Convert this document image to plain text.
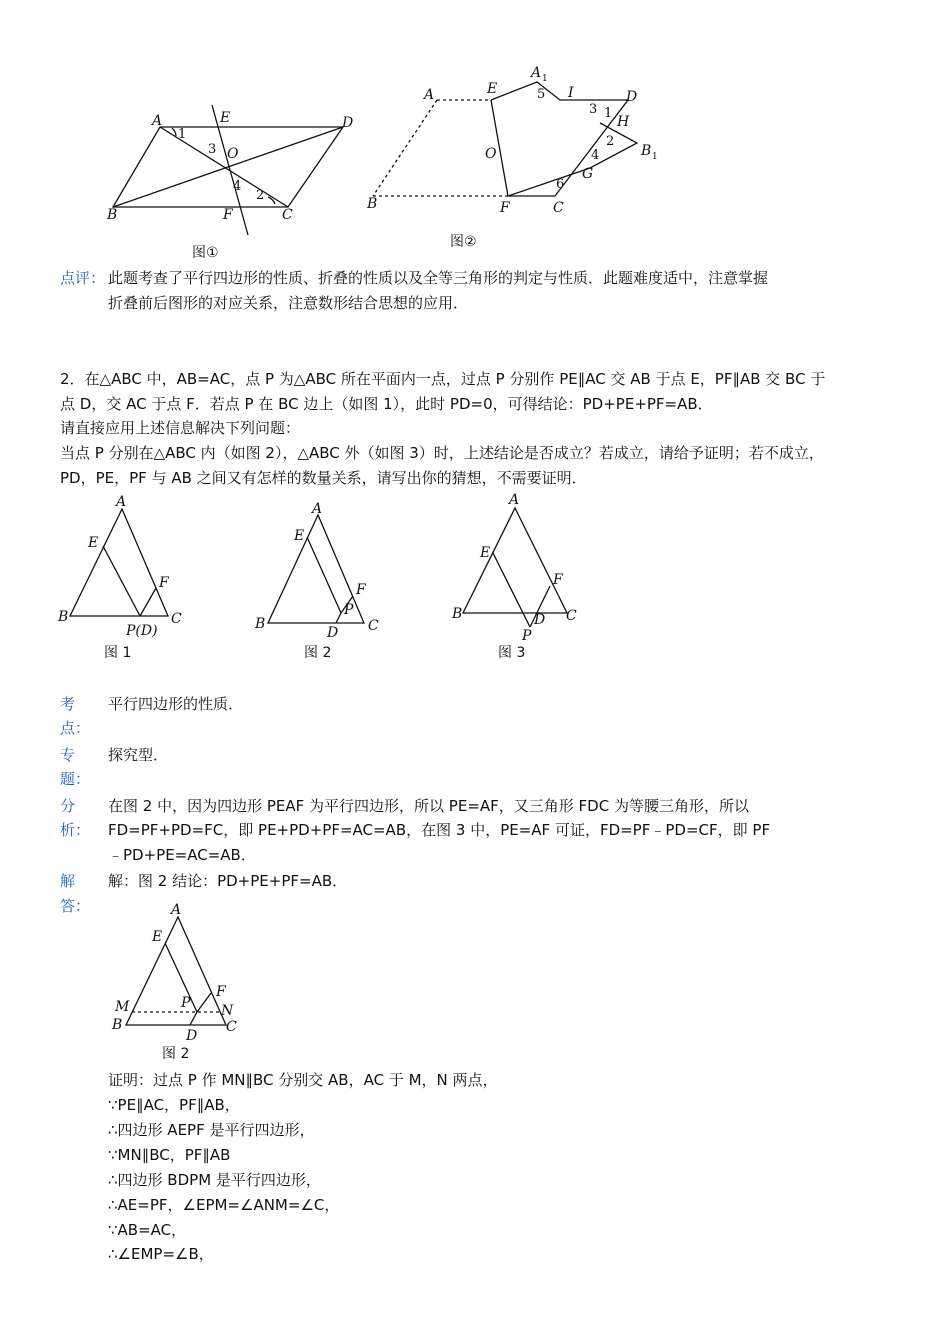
A	E	D
B	F	C
O
1
3
4
2
图①
A	E
A 1
I	D
H
B 1
O
G
F	C
B
5
3 1
2
4
6
图②
点评： 此题考查了平行四边形的性质、折叠的性质以及全等三角形的判定与性质．此题难度适中，注意掌握
折叠前后图形的对应关系，注意数形结合思想的应用．
2．在△ABC 中，AB=AC，点 P 为△ABC 所在平面内一点，过点 P 分别作 PE∥AC 交 AB 于点 E，PF∥AB 交 BC 于
点 D，交 AC 于点 F．若点 P 在 BC 边上（如图 1），此时 PD=0，可得结论：PD+PE+PF=AB．
请直接应用上述信息解决下列问题：
当点 P 分别在△ABC 内（如图 2），△ABC 外（如图 3）时，上述结论是否成立？若成立，请给予证明；若不成立，
PD，PE，PF 与 AB 之间又有怎样的数量关系，请写出你的猜想，不需要证明．
A
E
F
B	C
P(D)
图 1
A
E
F
P
B	C
D
图 2
A
E
F
B	C
D
P
图 3
考
点：
平行四边形的性质．
专
题：
探究型．
分
析：
在图 2 中，因为四边形 PEAF 为平行四边形，所以 PE=AF，又三角形 FDC 为等腰三角形，所以
FD=PF+PD=FC，即 PE+PD+PF=AC=AB，在图 3 中，PE=AF 可证，FD=PF﹣PD=CF，即 PF
﹣PD+PE=AC=AB．
解
答：
解：图 2 结论：PD+PE+PF=AB．
A
E
F
P
M	N
B	C
D
图 2
证明：过点 P 作 MN∥BC 分别交 AB，AC 于 M，N 两点，
∵PE∥AC，PF∥AB，
∴四边形 AEPF 是平行四边形，
∵MN∥BC，PF∥AB
∴四边形 BDPM 是平行四边形，
∴AE=PF，∠EPM=∠ANM=∠C，
∵AB=AC，
∴∠EMP=∠B，
